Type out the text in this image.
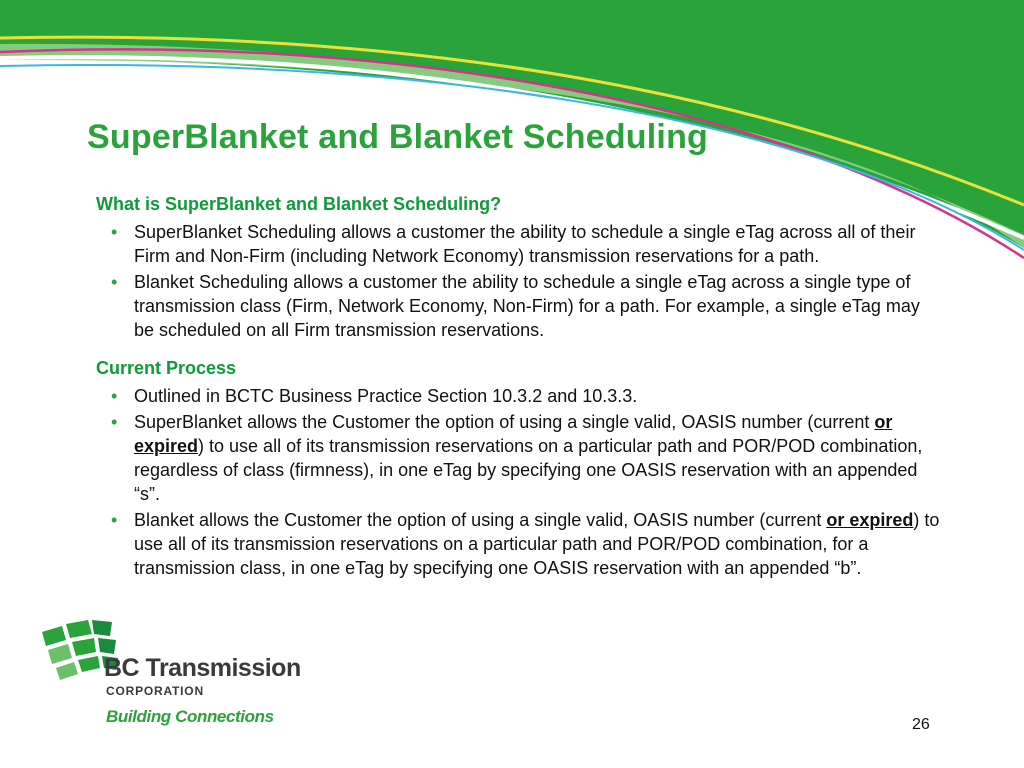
SuperBlanket and Blanket Scheduling

What is SuperBlanket and Blanket Scheduling?

• SuperBlanket Scheduling allows a customer the ability to schedule a single eTag across all of their Firm and Non-Firm (including Network Economy) transmission reservations for a path.
• Blanket Scheduling allows a customer the ability to schedule a single eTag across a single type of transmission class (Firm, Network Economy, Non-Firm) for a path. For example, a single eTag may be scheduled on all Firm transmission reservations.

Current Process

• Outlined in BCTC Business Practice Section 10.3.2 and 10.3.3.
• SuperBlanket allows the Customer the option of using a single valid, OASIS number (current or expired) to use all of its transmission reservations on a particular path and POR/POD combination, regardless of class (firmness), in one eTag by specifying one OASIS reservation with an appended “s”.
• Blanket allows the Customer the option of using a single valid, OASIS number (current or expired) to use all of its transmission reservations on a particular path and POR/POD combination, for a transmission class, in one eTag by specifying one OASIS reservation with an appended “b”.

BC Transmission

CORPORATION

Building Connections	26
